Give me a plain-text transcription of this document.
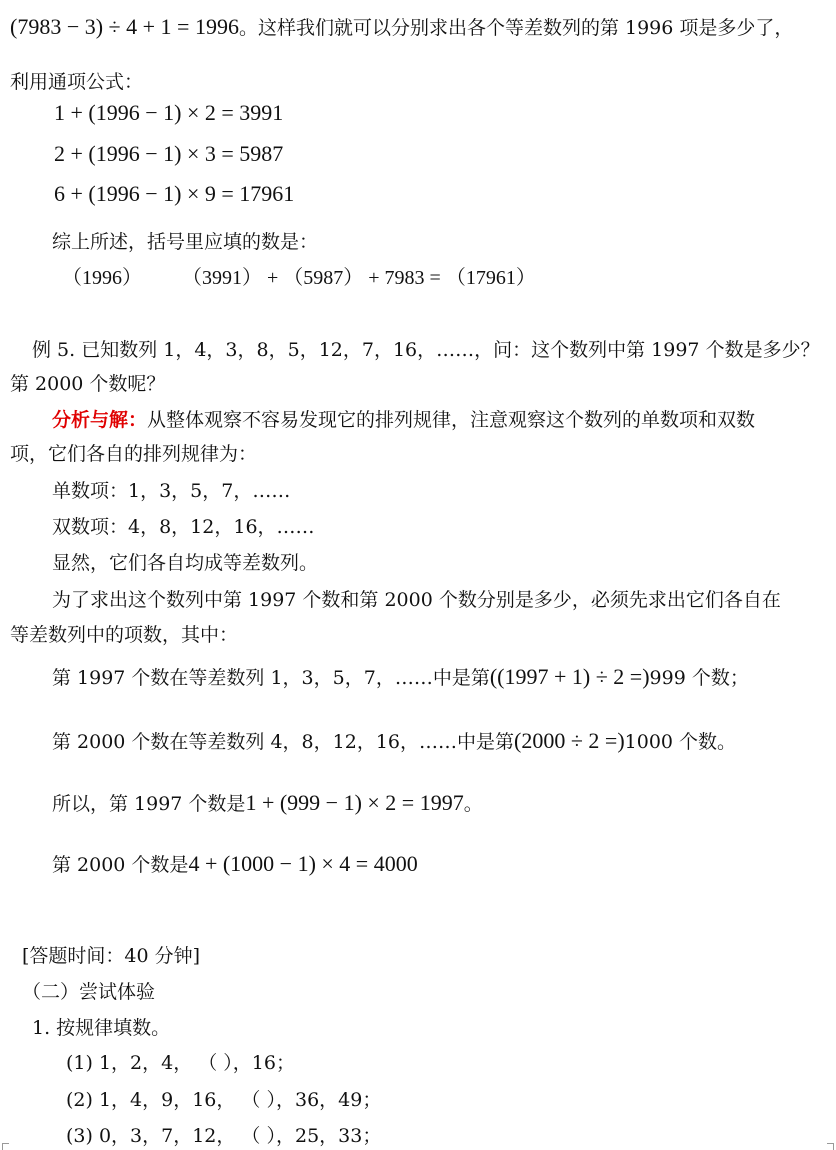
(7983 − 3) ÷ 4 + 1 = 1996。这样我们就可以分别求出各个等差数列的第 1996 项是多少了，
利用通项公式：
1 + (1996 − 1) × 2 = 3991
2 + (1996 − 1) × 3 = 5987
6 + (1996 − 1) × 9 = 17961
综上所述，括号里应填的数是：
（1996）　　　（3991） + （5987） + 7983 = （17961）
例 5. 已知数列 1，4，3，8，5，12，7，16，……，问：这个数列中第 1997 个数是多少？
第 2000 个数呢？
分析与解：从整体观察不容易发现它的排列规律，注意观察这个数列的单数项和双数
项，它们各自的排列规律为：
单数项：1，3，5，7，……
双数项：4，8，12，16，……
显然，它们各自均成等差数列。
为了求出这个数列中第 1997 个数和第 2000 个数分别是多少，必须先求出它们各自在
等差数列中的项数，其中：
第 1997 个数在等差数列 1，3，5，7，……中是第((1997 + 1) ÷ 2 =)999 个数；
第 2000 个数在等差数列 4，8，12，16，……中是第(2000 ÷ 2 =)1000 个数。
所以，第 1997 个数是1 + (999 − 1) × 2 = 1997。
第 2000 个数是4 + (1000 − 1) × 4 = 4000
[答题时间：40 分钟]
（二）尝试体验
1. 按规律填数。
(1) 1，2，4， （ ），16；
(2) 1，4，9，16， （ ），36，49；
(3) 0，3，7，12， （ ），25，33；
